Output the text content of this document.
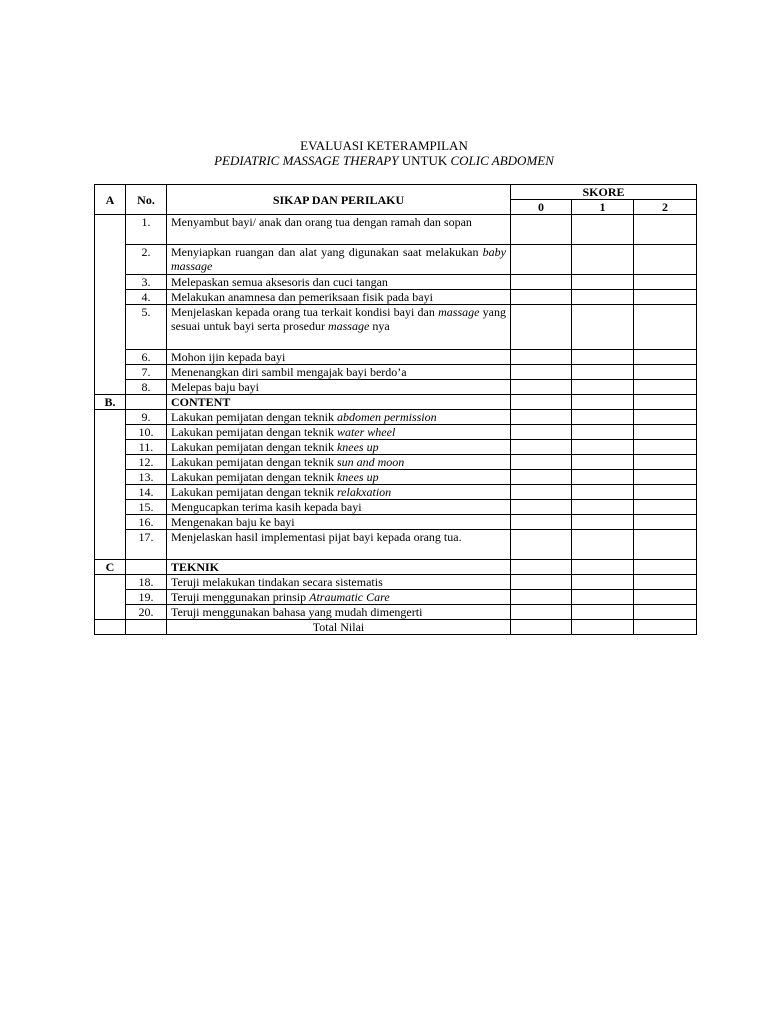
EVALUASI KETERAMPILAN
PEDIATRIC MASSAGE THERAPY UNTUK COLIC ABDOMEN
A	No.	SIKAP DAN PERILAKU	SKORE		
			0	1	2
	1.	Menyambut bayi/ anak dan orang tua dengan ramah dan sopan			
	2.	Menyiapkan ruangan dan alat yang digunakan saat melakukan baby massage			
	3.	Melepaskan semua aksesoris dan cuci tangan			
	4.	Melakukan anamnesa dan pemeriksaan fisik pada bayi			
	5.	Menjelaskan kepada orang tua terkait kondisi bayi dan massage yang sesuai untuk bayi serta prosedur massage nya			
	6.	Mohon ijin kepada bayi			
	7.	Menenangkan diri sambil mengajak bayi berdo’a			
	8.	Melepas baju bayi			
B.		CONTENT			
	9.	Lakukan pemijatan dengan teknik abdomen permission			
	10.	Lakukan pemijatan dengan teknik water wheel			
	11.	Lakukan pemijatan dengan teknik knees up			
	12.	Lakukan pemijatan dengan teknik sun and moon			
	13.	Lakukan pemijatan dengan teknik knees up			
	14.	Lakukan pemijatan dengan teknik relakxation			
	15.	Mengucapkan terima kasih kepada bayi			
	16.	Mengenakan baju ke bayi			
	17.	Menjelaskan hasil implementasi pijat bayi kepada orang tua.			
C		TEKNIK			
	18.	Teruji melakukan tindakan secara sistematis			
	19.	Teruji menggunakan prinsip Atraumatic Care			
	20.	Teruji menggunakan bahasa yang mudah dimengerti			
		Total Nilai			
